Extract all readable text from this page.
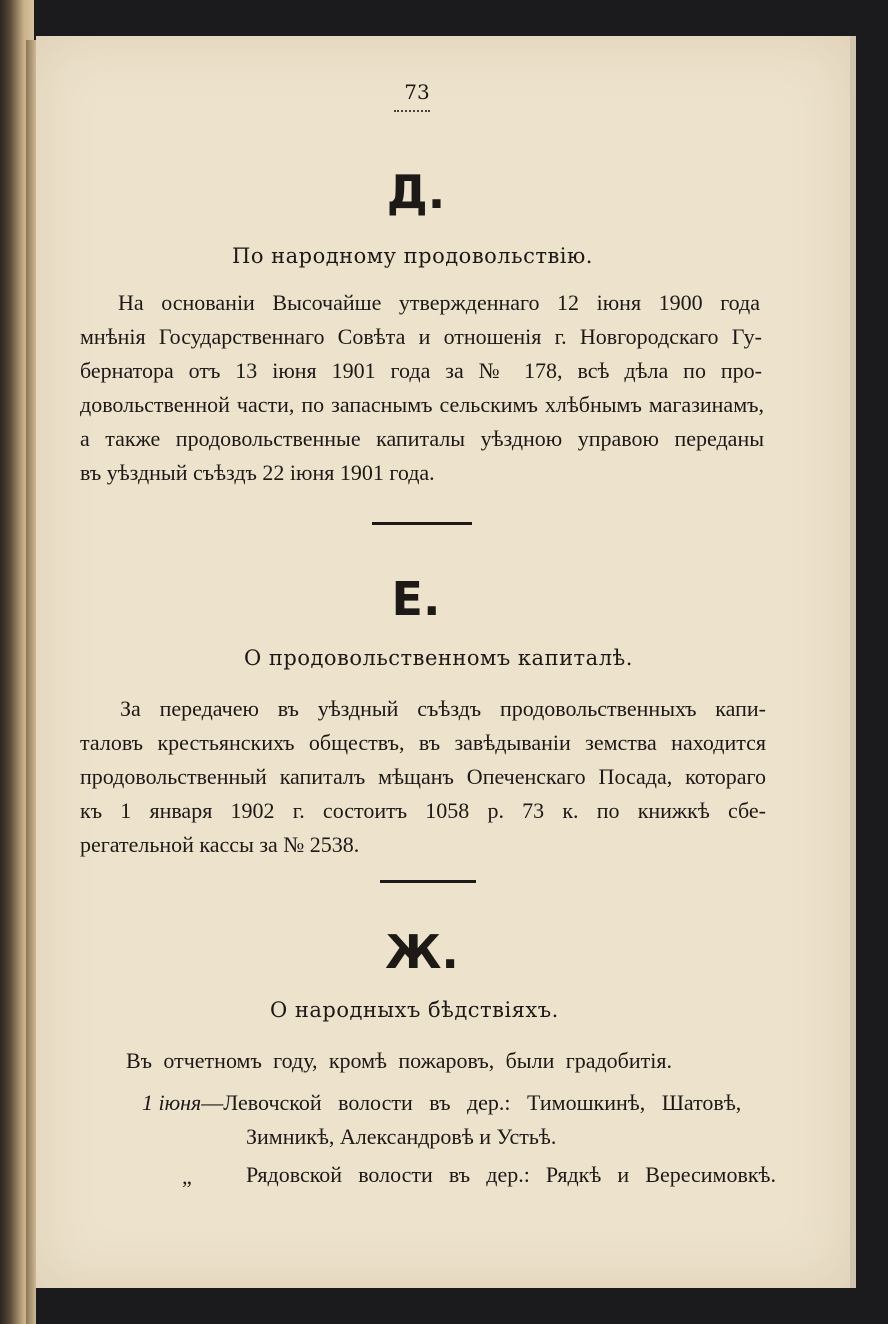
73
Д.
По народному продовольствію.
На основаніи Высочайше утвержденнаго 12 іюня 1900 года
мнѣнія Государственнаго Совѣта и отношенія г. Новгородскаго Гу-
бернатора отъ 13 іюня 1901 года за № 178, всѣ дѣла по про-
довольственной части, по запаснымъ сельскимъ хлѣбнымъ магазинамъ,
а также продовольственные капиталы уѣздною управою переданы
въ уѣздный съѣздъ 22 іюня 1901 года.
Е.
О продовольственномъ капиталѣ.
За передачею въ уѣздный съѣздъ продовольственныхъ капи-
таловъ крестьянскихъ обществъ, въ завѣдываніи земства находится
продовольственный капиталъ мѣщанъ Опеченскаго Посада, котораго
къ 1 января 1902 г. состоитъ 1058 р. 73 к. по книжкѣ сбе-
регательной кассы за № 2538.
Ж.
О народныхъ бѣдствіяхъ.
Въ отчетномъ году, кромѣ пожаровъ, были градобитія.
1 іюня—Левочской волости въ дер.: Тимошкинѣ, Шатовѣ,
Зимникѣ, Александровѣ и Устьѣ.
„ Рядовской волости въ дер.: Рядкѣ и Вересимовкѣ.
